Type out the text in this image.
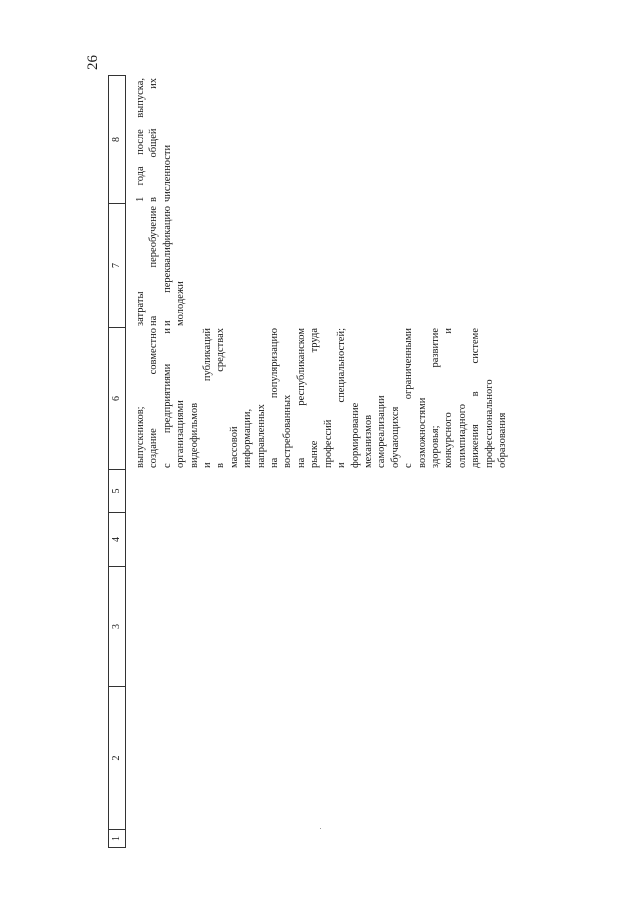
26
1
2
3
4
5
6
7
8
выпускников; создание
совместно
с
предприятиями
и
организациями видеофильмов и
публикаций
в
средствах
массовой информации, направленных на
популяризацию
востребованных на
республиканском
рынке
труда
профессий и
специальностей;
формирование механизмов самореализации обучающихся с
ограниченными
возможностями здоровья;
развитие
конкурсного
и
олимпиадного движения
в
системе
профессионального образования
затраты на
переобучение
и
переквалификацию
молодежи
1
года
после
выпуска,
в
общей
их
численности
